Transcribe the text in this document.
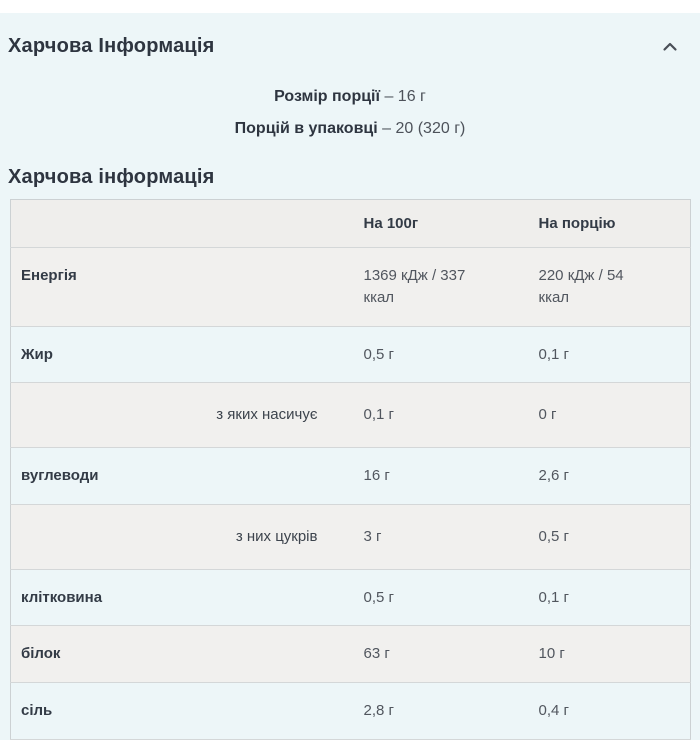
Харчова Інформація

Розмір порції – 16 г

Порцій в упаковці – 20 (320 г)

Харчова інформація
	На 100г	На порцію
Енергія	1369 кДж / 337 ккал	220 кДж / 54 ккал
Жир	0,5 г	0,1 г
з яких насичує	0,1 г	0 г
вуглеводи	16 г	2,6 г
з них цукрів	3 г	0,5 г
клітковина	0,5 г	0,1 г
білок	63 г	10 г
сіль	2,8 г	0,4 г
